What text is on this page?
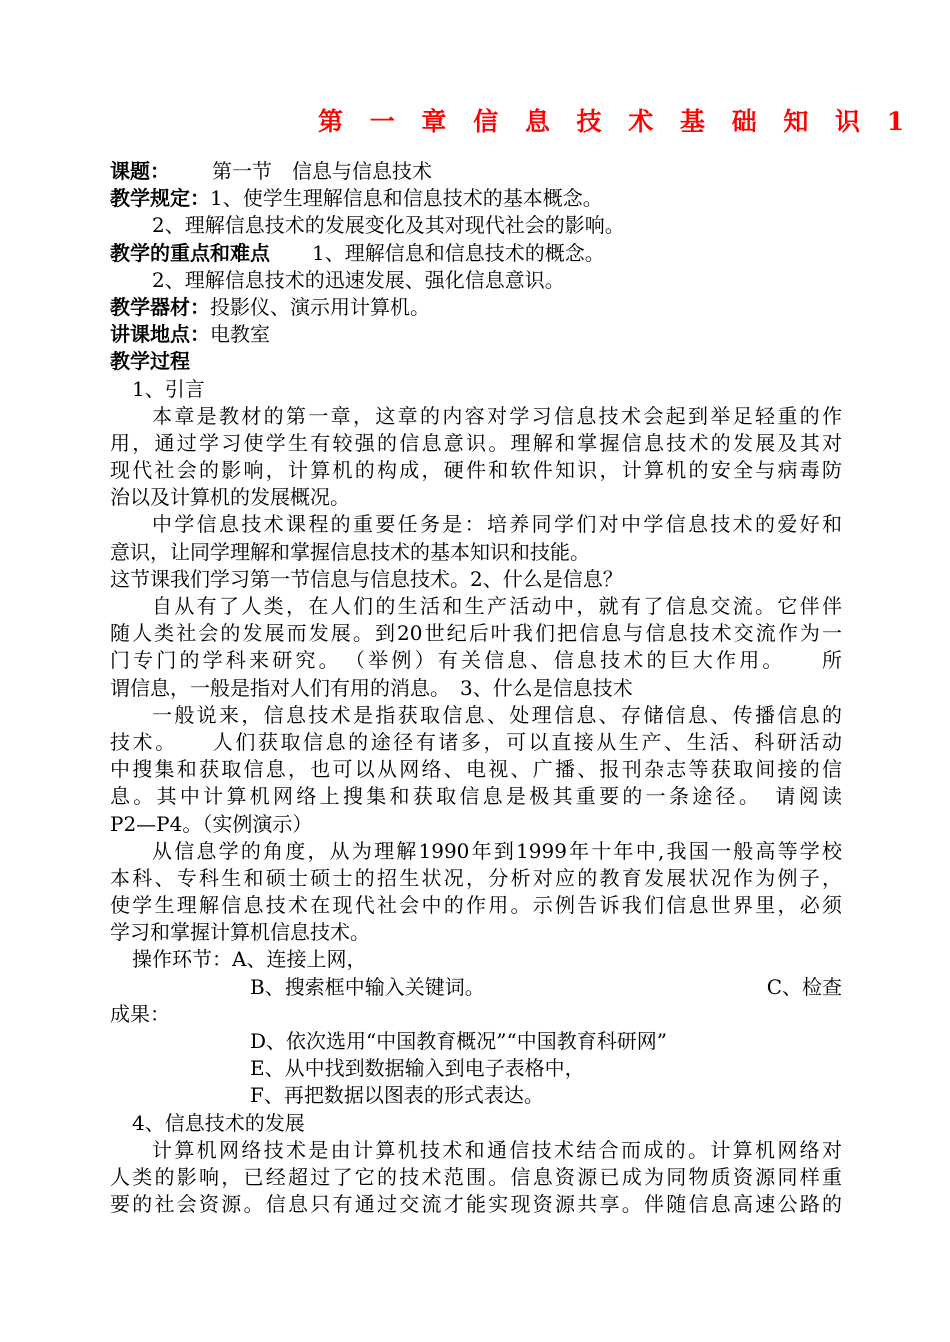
第 一 章 信 息 技 术 基 础 知 识 1
课题： 第一节　信息与信息技术
教学规定：1、使学生理解信息和信息技术的基本概念。
2、理解信息技术的发展变化及其对现代社会的影响。
教学的重点和难点 1、理解信息和信息技术的概念。
2、理解信息技术的迅速发展、强化信息意识。
教学器材：投影仪、演示用计算机。
讲课地点：电教室
教学过程
1、引言
本章是教材的第一章，这章的内容对学习信息技术会起到举足轻重的作
用，通过学习使学生有较强的信息意识。理解和掌握信息技术的发展及其对
现代社会的影响，计算机的构成，硬件和软件知识，计算机的安全与病毒防
治以及计算机的发展概况。
中学信息技术课程的重要任务是：培养同学们对中学信息技术的爱好和
意识，让同学理解和掌握信息技术的基本知识和技能。
这节课我们学习第一节信息与信息技术。2、什么是信息？
自从有了人类，在人们的生活和生产活动中，就有了信息交流。它伴伴
随人类社会的发展而发展。到20世纪后叶我们把信息与信息技术交流作为一
门专门的学科来研究。　（举例）有关信息、信息技术的巨大作用。　　所
谓信息，一般是指对人们有用的消息。　3、什么是信息技术
一般说来，信息技术是指获取信息、处理信息、存储信息、传播信息的
技术。　　人们获取信息的途径有诸多，可以直接从生产、生活、科研活动
中搜集和获取信息，也可以从网络、电视、广播、报刊杂志等获取间接的信
息。其中计算机网络上搜集和获取信息是极其重要的一条途径。　请阅读
P2—P4。（实例演示）
从信息学的角度，从为理解1990年到1999年十年中,我国一般高等学校
本科、专科生和硕士硕士的招生状况，分析对应的教育发展状况作为例子，
使学生理解信息技术在现代社会中的作用。示例告诉我们信息世界里，必须
学习和掌握计算机信息技术。
操作环节：A、连接上网，
B、搜索框中输入关键词。	C、检查
成果：
D、依次选用“中国教育概况”“中国教育科研网”
E、从中找到数据输入到电子表格中，
F、再把数据以图表的形式表达。
4、信息技术的发展
计算机网络技术是由计算机技术和通信技术结合而成的。计算机网络对
人类的影响，已经超过了它的技术范围。信息资源已成为同物质资源同样重
要的社会资源。信息只有通过交流才能实现资源共享。伴随信息高速公路的
